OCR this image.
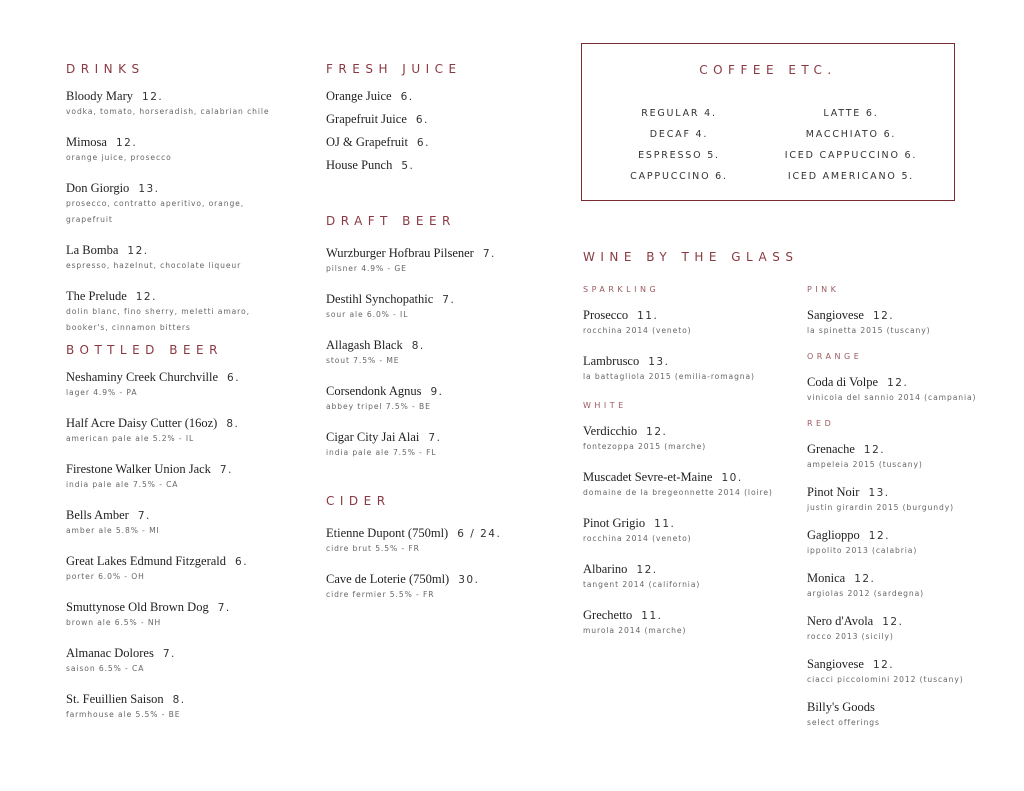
DRINKS
Bloody Mary 12.
vodka, tomato, horseradish, calabrian chile
Mimosa 12.
orange juice, prosecco
Don Giorgio 13.
prosecco, contratto aperitivo, orange,
grapefruit
La Bomba 12.
espresso, hazelnut, chocolate liqueur
The Prelude 12.
dolin blanc, fino sherry, meletti amaro,
booker's, cinnamon bitters
BOTTLED BEER
Neshaminy Creek Churchville 6.
lager 4.9% - PA
Half Acre Daisy Cutter (16oz) 8.
american pale ale 5.2% - IL
Firestone Walker Union Jack 7.
india pale ale 7.5% - CA
Bells Amber 7.
amber ale 5.8% - MI
Great Lakes Edmund Fitzgerald 6.
porter 6.0% - OH
Smuttynose Old Brown Dog 7.
brown ale 6.5% - NH
Almanac Dolores 7.
saison 6.5% - CA
St. Feuillien Saison 8.
farmhouse ale 5.5% - BE
FRESH JUICE
Orange Juice 6.
Grapefruit Juice 6.
OJ & Grapefruit 6.
House Punch 5.
DRAFT BEER
Wurzburger Hofbrau Pilsener 7.
pilsner 4.9% - GE
Destihl Synchopathic 7.
sour ale 6.0% - IL
Allagash Black 8.
stout 7.5% - ME
Corsendonk Agnus 9.
abbey tripel 7.5% - BE
Cigar City Jai Alai 7.
india pale ale 7.5% - FL
CIDER
Etienne Dupont (750ml) 6 / 24.
cidre brut 5.5% - FR
Cave de Loterie (750ml) 30.
cidre fermier 5.5% - FR
COFFEE ETC.
REGULAR 4.
DECAF 4.
ESPRESSO 5.
CAPPUCCINO 6.
LATTE 6.
MACCHIATO 6.
ICED CAPPUCCINO 6.
ICED AMERICANO 5.
WINE BY THE GLASS
SPARKLING
Prosecco 11.
rocchina 2014 (veneto)
Lambrusco 13.
la battagliola 2015 (emilia-romagna)
WHITE
Verdicchio 12.
fontezoppa 2015 (marche)
Muscadet Sevre-et-Maine 10.
domaine de la bregeonnette 2014 (loire)
Pinot Grigio 11.
rocchina 2014 (veneto)
Albarino 12.
tangent 2014 (california)
Grechetto 11.
murola 2014 (marche)
PINK
Sangiovese 12.
la spinetta 2015 (tuscany)
ORANGE
Coda di Volpe 12.
vinicola del sannio 2014 (campania)
RED
Grenache 12.
ampeleia 2015 (tuscany)
Pinot Noir 13.
justin girardin 2015 (burgundy)
Gaglioppo 12.
ippolito 2013 (calabria)
Monica 12.
argiolas 2012 (sardegna)
Nero d'Avola 12.
rocco 2013 (sicily)
Sangiovese 12.
ciacci piccolomini 2012 (tuscany)
Billy's Goods
select offerings
